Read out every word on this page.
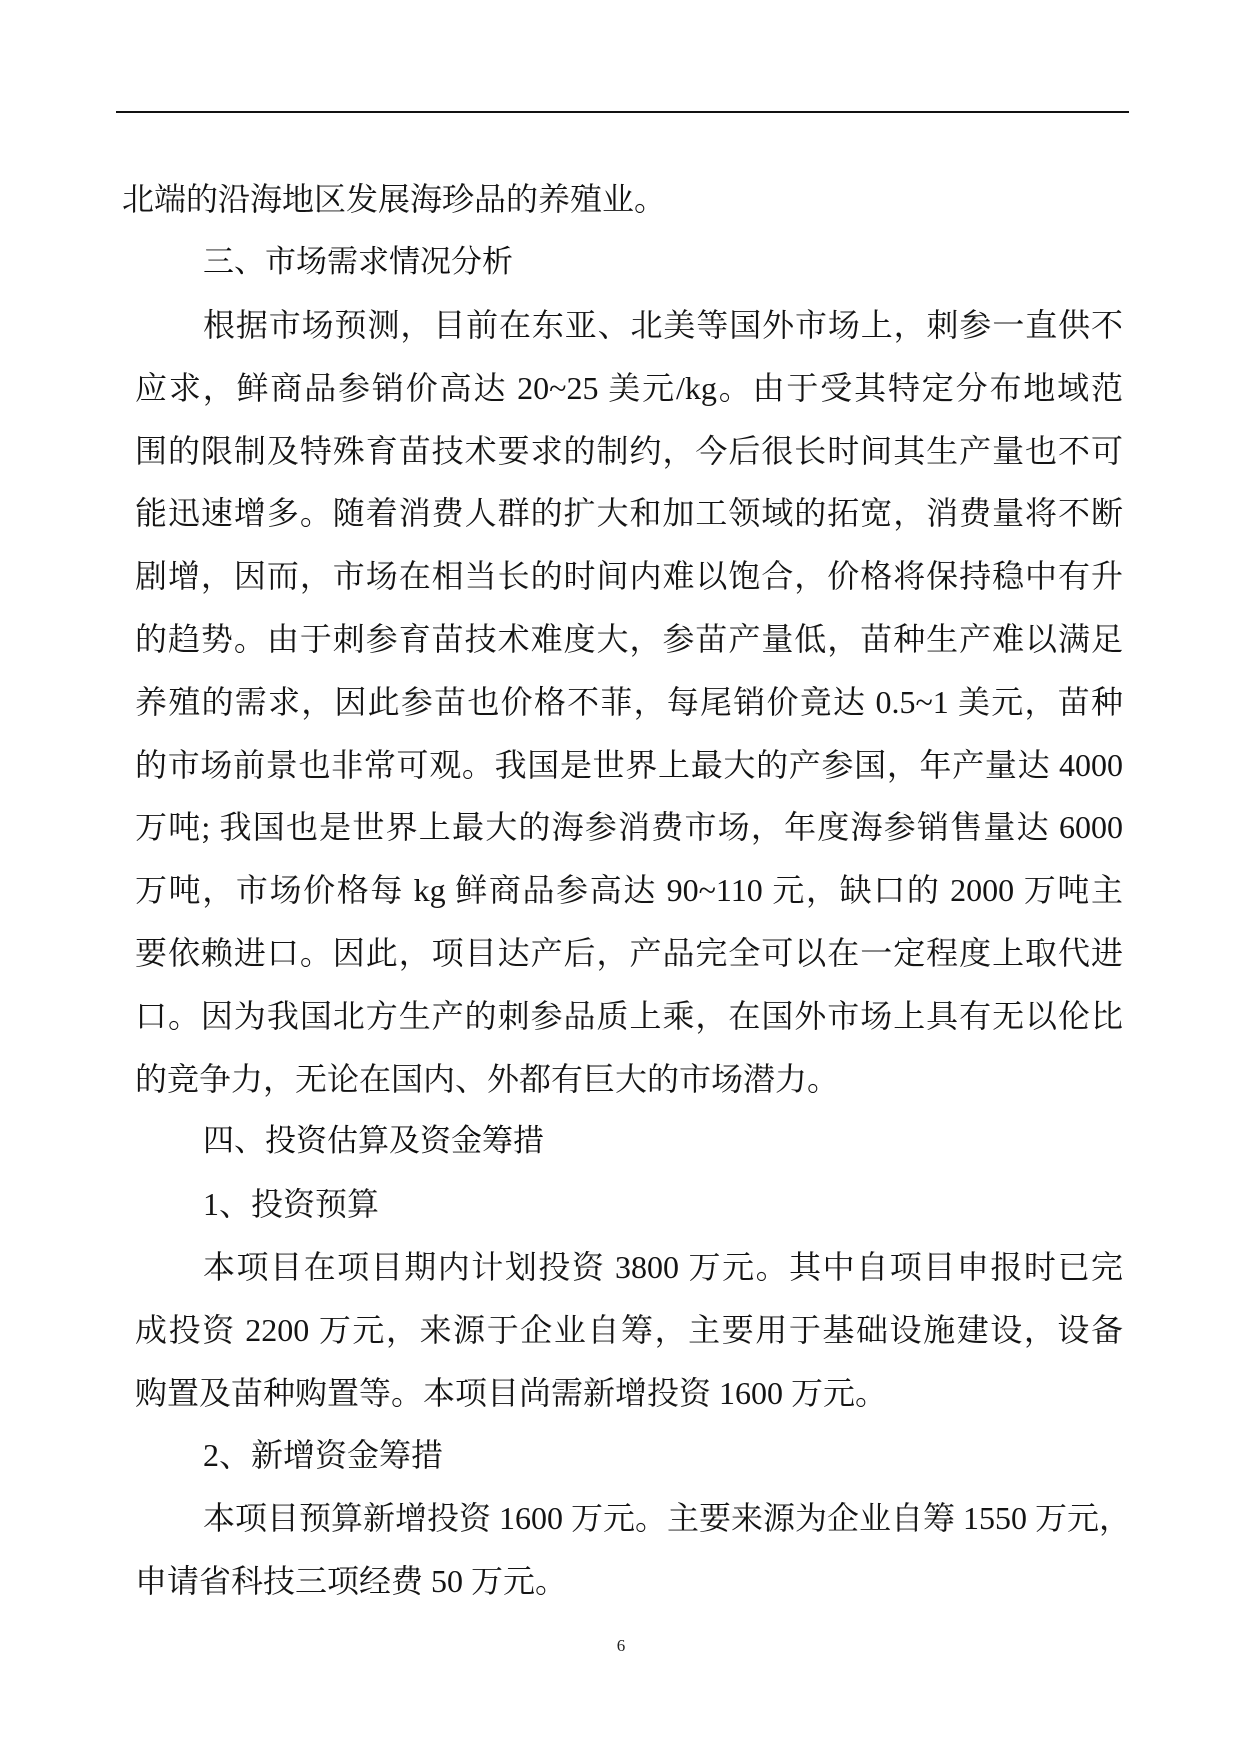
北端的沿海地区发展海珍品的养殖业。
三、市场需求情况分析
根据市场预测，目前在东亚、北美等国外市场上，刺参一直供不
应求，鲜商品参销价高达 20~25 美元/kg。由于受其特定分布地域范
围的限制及特殊育苗技术要求的制约，今后很长时间其生产量也不可
能迅速增多。随着消费人群的扩大和加工领域的拓宽，消费量将不断
剧增，因而，市场在相当长的时间内难以饱合，价格将保持稳中有升
的趋势。由于刺参育苗技术难度大，参苗产量低，苗种生产难以满足
养殖的需求，因此参苗也价格不菲，每尾销价竟达 0.5~1 美元，苗种
的市场前景也非常可观。我国是世界上最大的产参国，年产量达 4000
万吨; 我国也是世界上最大的海参消费市场，年度海参销售量达 6000
万吨，市场价格每 kg 鲜商品参高达 90~110 元，缺口的 2000 万吨主
要依赖进口。因此，项目达产后，产品完全可以在一定程度上取代进
口。因为我国北方生产的刺参品质上乘，在国外市场上具有无以伦比
的竞争力，无论在国内、外都有巨大的市场潜力。
四、投资估算及资金筹措
1、投资预算
本项目在项目期内计划投资 3800 万元。其中自项目申报时已完
成投资 2200 万元，来源于企业自筹，主要用于基础设施建设，设备
购置及苗种购置等。本项目尚需新增投资 1600 万元。
2、新增资金筹措
本项目预算新增投资 1600 万元。主要来源为企业自筹 1550 万元，
申请省科技三项经费 50 万元。
6
